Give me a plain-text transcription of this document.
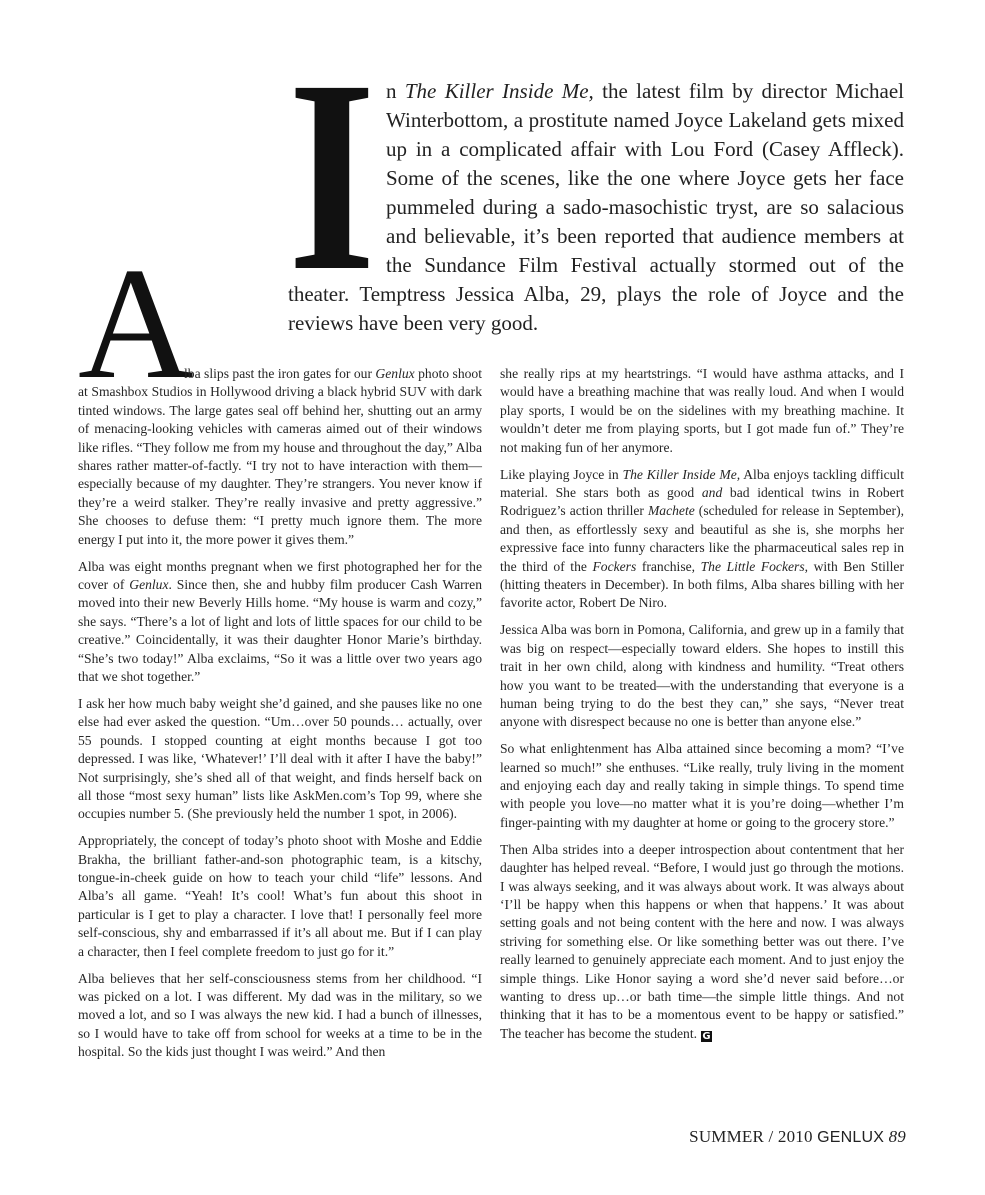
I n The Killer Inside Me, the latest film by director Michael Winterbottom, a prostitute named Joyce Lakeland gets mixed up in a complicated affair with Lou Ford (Casey Affleck). Some of the scenes, like the one where Joyce gets her face pummeled during a sado-masochistic tryst, are so salacious and believable, it’s been reported that audience members at the Sundance Film Festival actually stormed out of the theater. Temptress Jessica Alba, 29, plays the role of Joyce and the reviews have been very good.
A

lba slips past the iron gates for our Genlux photo shoot at Smashbox Studios in Hollywood driving a black hybrid SUV with dark tinted windows. The large gates seal off behind her, shutting out an army of menacing-looking vehicles with cameras aimed out of their windows like rifles. “They follow me from my house and throughout the day,” Alba shares rather matter-of-factly. “I try not to have interaction with them—especially because of my daughter. They’re strangers. You never know if they’re a weird stalker. They’re really invasive and pretty aggressive.” She chooses to defuse them: “I pretty much ignore them. The more energy I put into it, the more power it gives them.”

Alba was eight months pregnant when we first photographed her for the cover of Genlux. Since then, she and hubby film producer Cash Warren moved into their new Beverly Hills home. “My house is warm and cozy,” she says. “There’s a lot of light and lots of little spaces for our child to be creative.” Coincidentally, it was their daughter Honor Marie’s birthday. “She’s two today!” Alba exclaims, “So it was a little over two years ago that we shot together.”

I ask her how much baby weight she’d gained, and she pauses like no one else had ever asked the question. “Um…over 50 pounds… actually, over 55 pounds. I stopped counting at eight months because I got too depressed. I was like, ‘Whatever!’ I’ll deal with it after I have the baby!” Not surprisingly, she’s shed all of that weight, and finds herself back on all those “most sexy human” lists like AskMen.com’s Top 99, where she occupies number 5. (She previously held the number 1 spot, in 2006).

Appropriately, the concept of today’s photo shoot with Moshe and Eddie Brakha, the brilliant father-and-son photographic team, is a kitschy, tongue-in-cheek guide on how to teach your child “life” lessons. And Alba’s all game. “Yeah! It’s cool! What’s fun about this shoot in particular is I get to play a character. I love that! I personally feel more self-conscious, shy and embarrassed if it’s all about me. But if I can play a character, then I feel complete freedom to just go for it.”

Alba believes that her self-consciousness stems from her childhood. “I was picked on a lot. I was different. My dad was in the military, so we moved a lot, and so I was always the new kid. I had a bunch of illnesses, so I would have to take off from school for weeks at a time to be in the hospital. So the kids just thought I was weird.” And then

she really rips at my heartstrings. “I would have asthma attacks, and I would have a breathing machine that was really loud. And when I would play sports, I would be on the sidelines with my breathing machine. It wouldn’t deter me from playing sports, but I got made fun of.” They’re not making fun of her anymore.

Like playing Joyce in The Killer Inside Me, Alba enjoys tackling difficult material. She stars both as good and bad identical twins in Robert Rodriguez’s action thriller Machete (scheduled for release in September), and then, as effortlessly sexy and beautiful as she is, she morphs her expressive face into funny characters like the pharmaceutical sales rep in the third of the Fockers franchise, The Little Fockers, with Ben Stiller (hitting theaters in December). In both films, Alba shares billing with her favorite actor, Robert De Niro.

Jessica Alba was born in Pomona, California, and grew up in a family that was big on respect—especially toward elders. She hopes to instill this trait in her own child, along with kindness and humility. “Treat others how you want to be treated—with the understanding that everyone is a human being trying to do the best they can,” she says, “Never treat anyone with disrespect because no one is better than anyone else.”

So what enlightenment has Alba attained since becoming a mom? “I’ve learned so much!” she enthuses. “Like really, truly living in the moment and enjoying each day and really taking in simple things. To spend time with people you love—no matter what it is you’re doing—whether I’m finger-painting with my daughter at home or going to the grocery store.”

Then Alba strides into a deeper introspection about contentment that her daughter has helped reveal. “Before, I would just go through the motions. I was always seeking, and it was always about work. It was always about ‘I’ll be happy when this happens or when that happens.’ It was about setting goals and not being content with the here and now. I was always striving for something else. Or like something better was out there. I’ve really learned to genuinely appreciate each moment. And to just enjoy the simple things. Like Honor saying a word she’d never said before…or wanting to dress up…or bath time—the simple little things. And not thinking that it has to be a momentous event to be happy or satisfied.” The teacher has become the student. G

SUMMER / 2010 GENLUX 89
